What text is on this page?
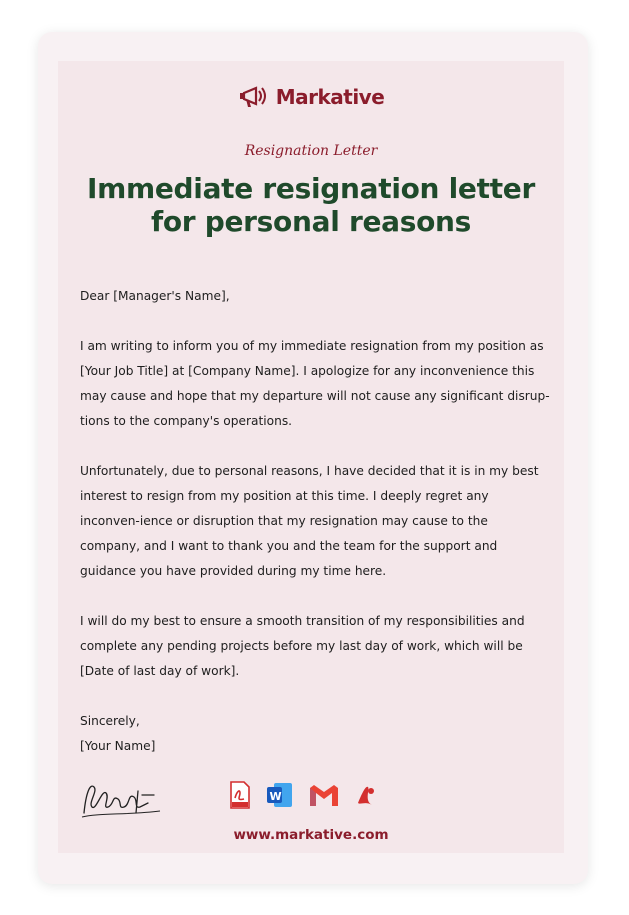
Markative
Resignation Letter
Immediate resignation letter
for personal reasons

Dear [Manager's Name],

I am writing to inform you of my immediate resignation from my position as [Your Job Title] at [Company Name]. I apologize for any inconvenience this may cause and hope that my departure will not cause any significant disrup-tions to the company's operations.

Unfortunately, due to personal reasons, I have decided that it is in my best interest to resign from my position at this time. I deeply regret any inconven-ience or disruption that my resignation may cause to the company, and I want to thank you and the team for the support and guidance you have provided during my time here.

I will do my best to ensure a smooth transition of my responsibilities and complete any pending projects before my last day of work, which will be [Date of last day of work].

Sincerely,

[Your Name]

W
www.markative.com
